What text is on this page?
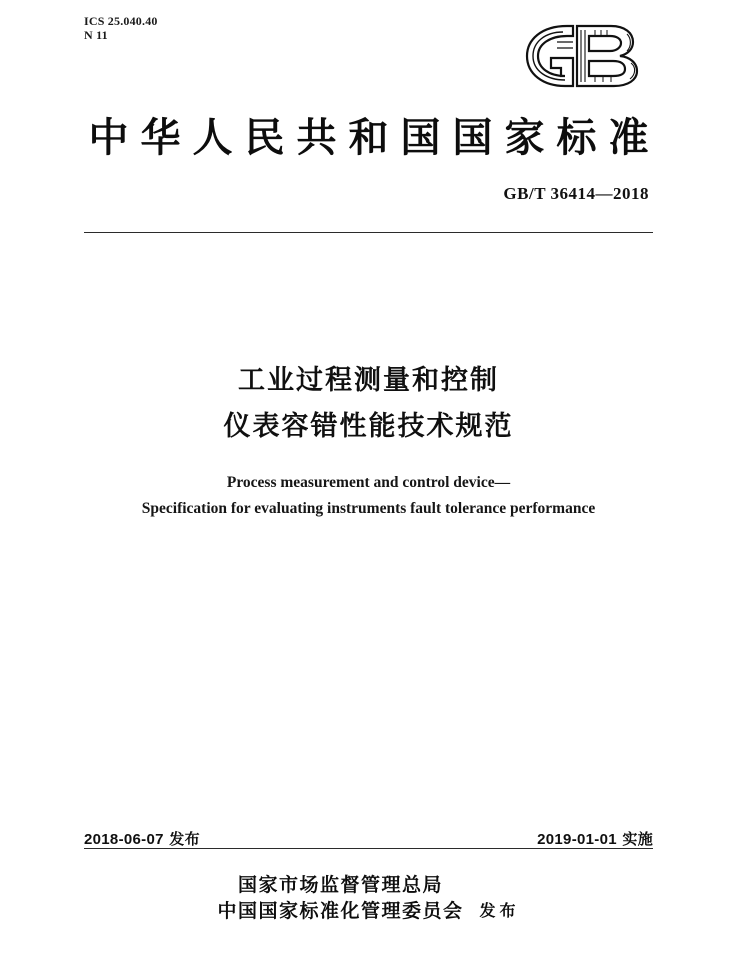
ICS 25.040.40
N 11
中华人民共和国国家标准
GB/T 36414—2018
工业过程测量和控制
仪表容错性能技术规范
Process measurement and control device—
Specification for evaluating instruments fault tolerance performance
2018-06-07 发布	2019-01-01 实施
国家市场监督管理总局
中国国家标准化管理委员会 发布
